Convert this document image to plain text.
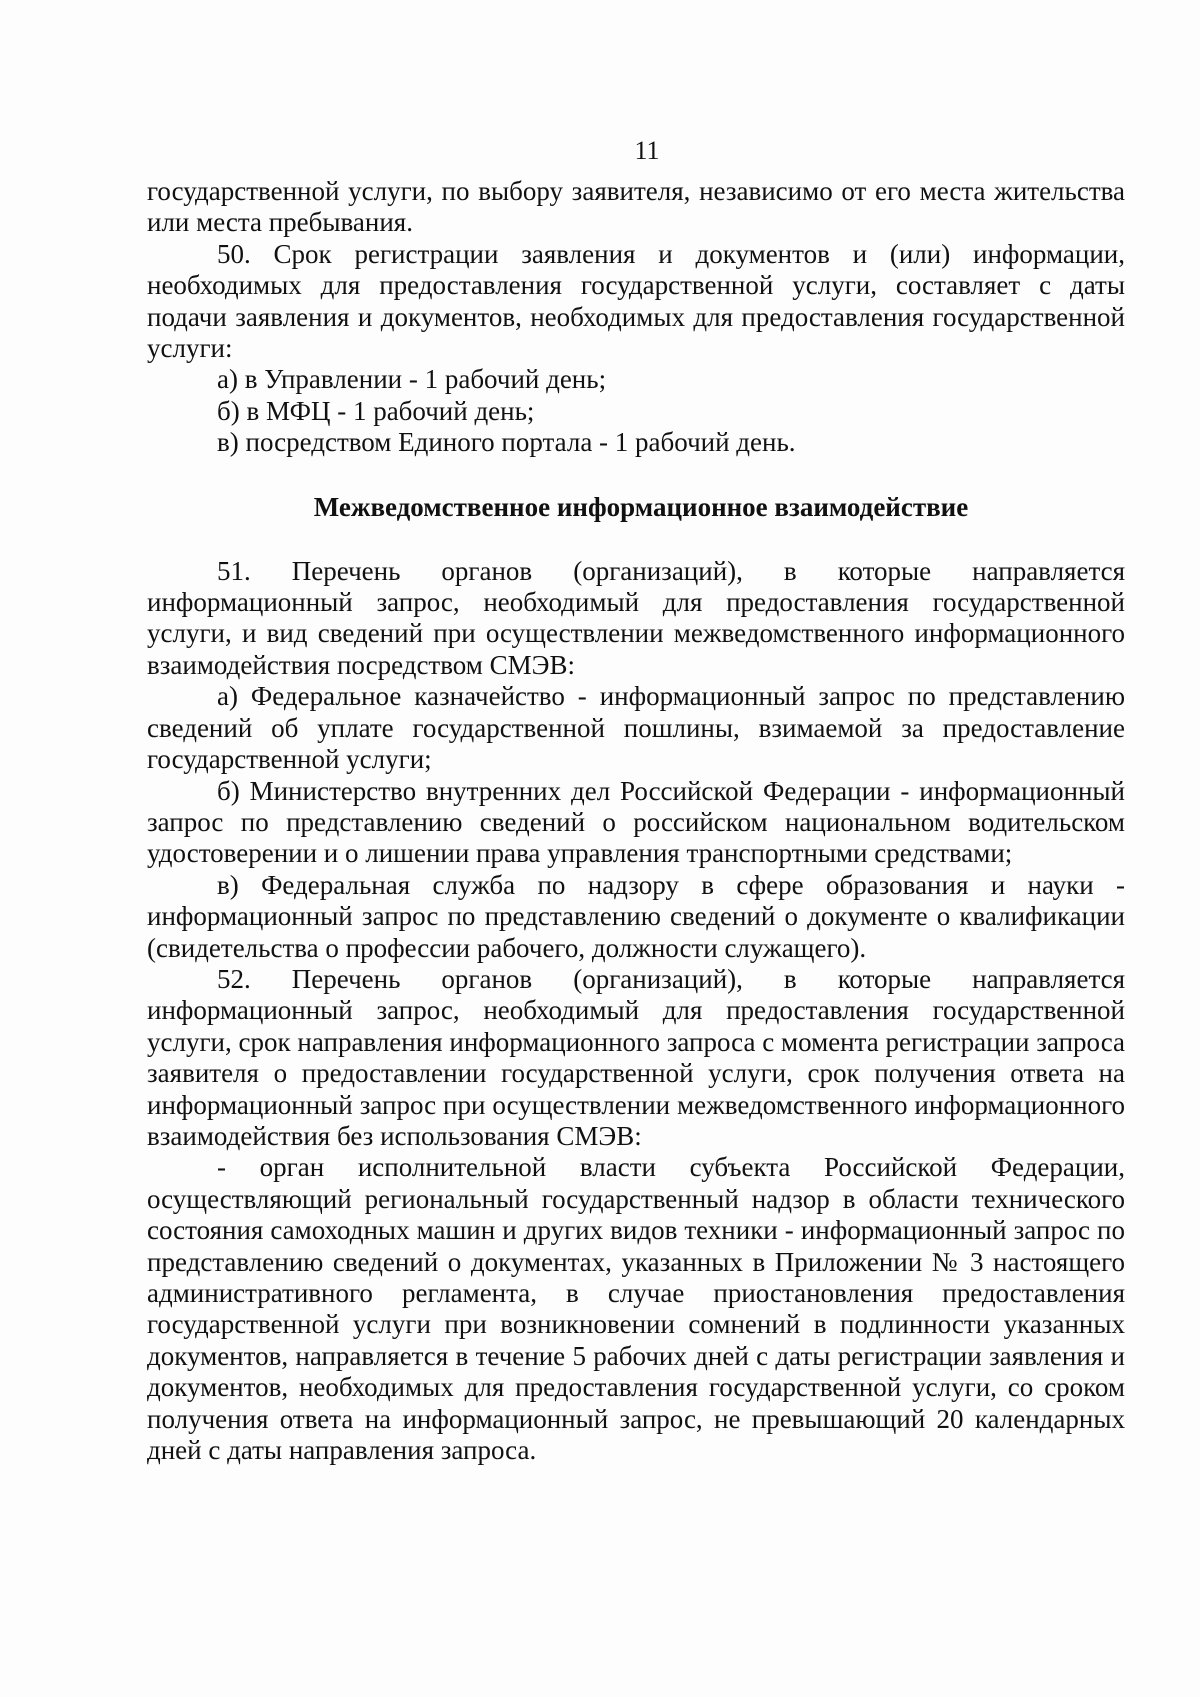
11

государственной услуги, по выбору заявителя, независимо от его места жительства или места пребывания.

50. Срок регистрации заявления и документов и (или) информации, необходимых для предоставления государственной услуги, составляет с даты подачи заявления и документов, необходимых для предоставления государственной услуги:

а) в Управлении - 1 рабочий день;

б) в МФЦ - 1 рабочий день;

в) посредством Единого портала - 1 рабочий день.

Межведомственное информационное взаимодействие

51. Перечень органов (организаций), в которые направляется информационный запрос, необходимый для предоставления государственной услуги, и вид сведений при осуществлении межведомственного информационного взаимодействия посредством СМЭВ:

а) Федеральное казначейство - информационный запрос по представлению сведений об уплате государственной пошлины, взимаемой за предоставление государственной услуги;

б) Министерство внутренних дел Российской Федерации - информационный запрос по представлению сведений о российском национальном водительском удостоверении и о лишении права управления транспортными средствами;

в) Федеральная служба по надзору в сфере образования и науки - информационный запрос по представлению сведений о документе о квалификации (свидетельства о профессии рабочего, должности служащего).

52. Перечень органов (организаций), в которые направляется информационный запрос, необходимый для предоставления государственной услуги, срок направления информационного запроса с момента регистрации запроса заявителя о предоставлении государственной услуги, срок получения ответа на информационный запрос при осуществлении межведомственного информационного взаимодействия без использования СМЭВ:

- орган исполнительной власти субъекта Российской Федерации, осуществляющий региональный государственный надзор в области технического состояния самоходных машин и других видов техники - информационный запрос по представлению сведений о документах, указанных в Приложении № 3 настоящего административного регламента, в случае приостановления предоставления государственной услуги при возникновении сомнений в подлинности указанных документов, направляется в течение 5 рабочих дней с даты регистрации заявления и документов, необходимых для предоставления государственной услуги, со сроком получения ответа на информационный запрос, не превышающий 20 календарных дней с даты направления запроса.
